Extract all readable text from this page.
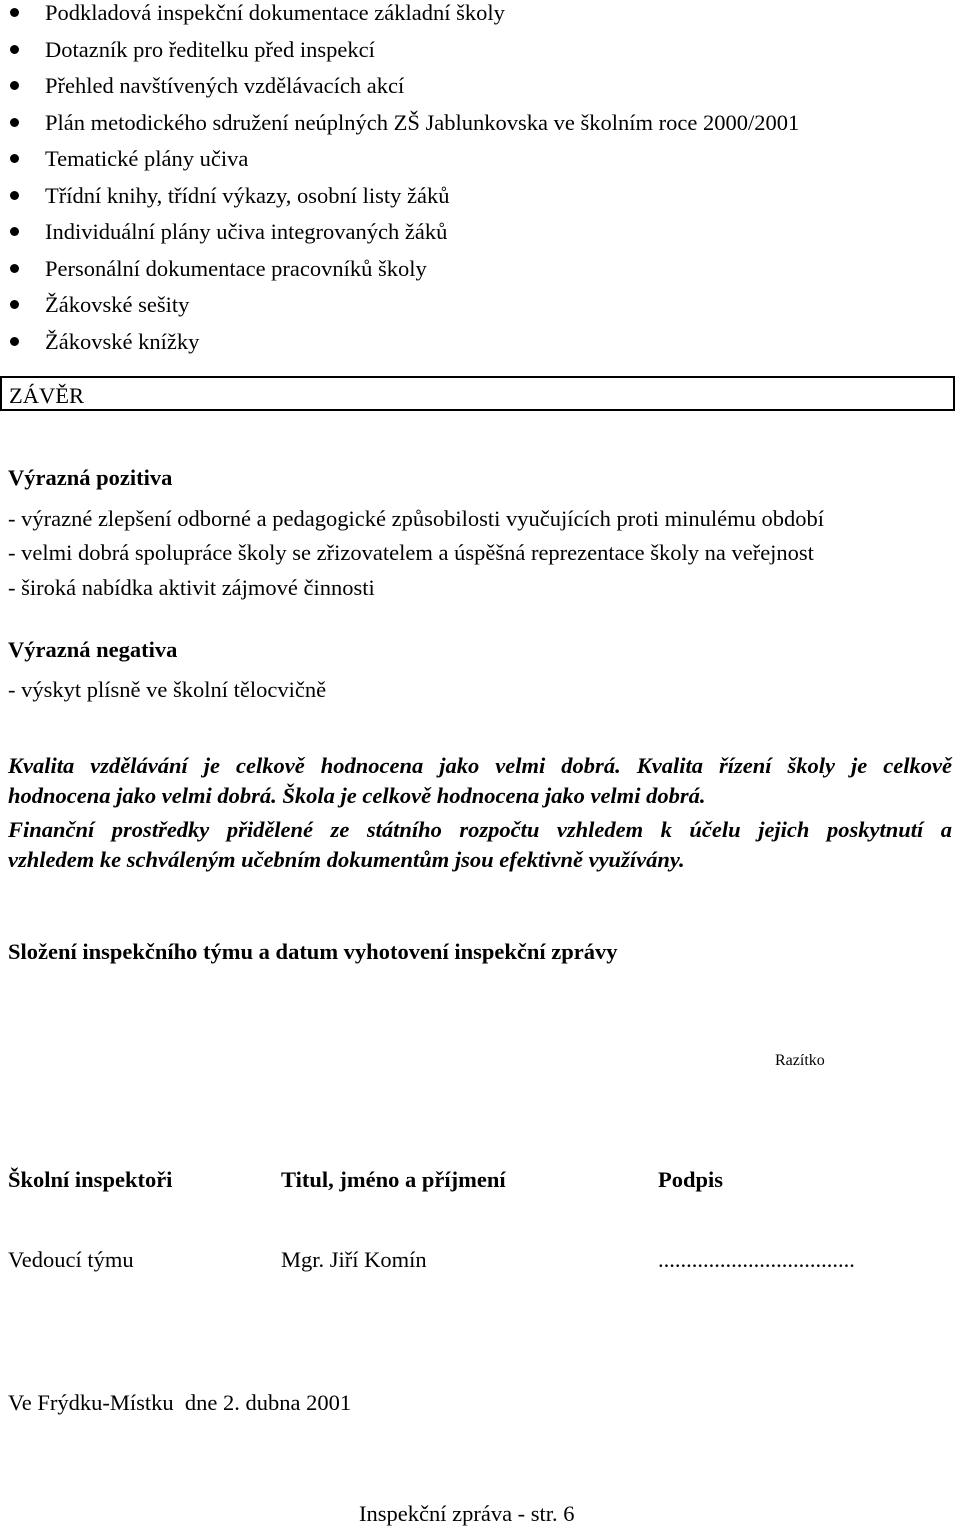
Podkladová inspekční dokumentace základní školy
Dotazník pro ředitelku před inspekcí
Přehled navštívených vzdělávacích akcí
Plán metodického sdružení neúplných ZŠ Jablunkovska ve školním roce 2000/2001
Tematické plány učiva
Třídní knihy, třídní výkazy, osobní listy žáků
Individuální plány učiva integrovaných žáků
Personální dokumentace pracovníků školy
Žákovské sešity
Žákovské knížky
ZÁVĚR
Výrazná pozitiva
- výrazné zlepšení odborné a pedagogické způsobilosti vyučujících proti minulému období
- velmi dobrá spolupráce školy se zřizovatelem a úspěšná reprezentace školy na veřejnost
- široká nabídka aktivit zájmové činnosti
Výrazná negativa
- výskyt plísně ve školní tělocvičně
Kvalita vzdělávání je celkově hodnocena jako velmi dobrá. Kvalita řízení školy je celkově
hodnocena jako velmi dobrá. Škola je celkově hodnocena jako velmi dobrá.
Finanční prostředky přidělené ze státního rozpočtu vzhledem k účelu jejich poskytnutí a
vzhledem ke schváleným učebním dokumentům jsou efektivně využívány.
Složení inspekčního týmu a datum vyhotovení inspekční zprávy
Razítko
Školní inspektoři	Titul, jméno a příjmení	Podpis
Vedoucí týmu	Mgr. Jiří Komín	...................................
Ve Frýdku-Místku  dne 2. dubna 2001
Inspekční zpráva - str. 6
